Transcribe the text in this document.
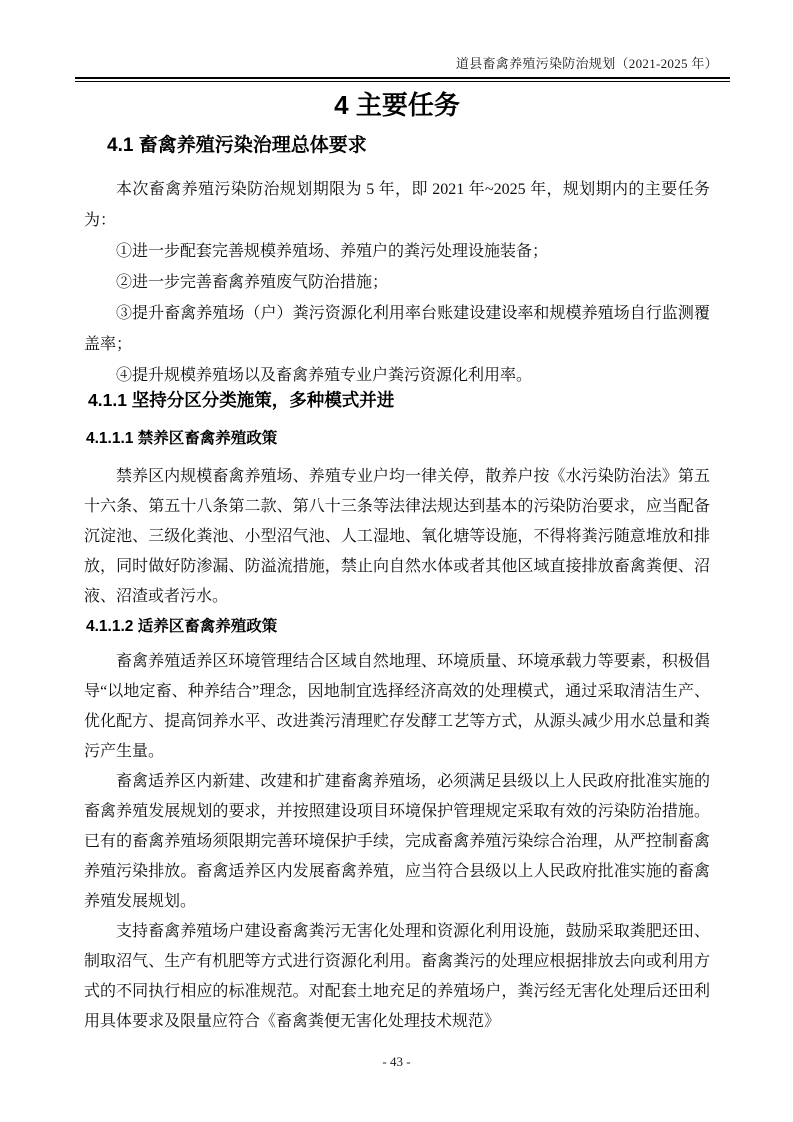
道县畜禽养殖污染防治规划（2021-2025 年）
4 主要任务
4.1 畜禽养殖污染治理总体要求

本次畜禽养殖污染防治规划期限为 5 年，即 2021 年~2025 年，规划期内的主要任务为：

①进一步配套完善规模养殖场、养殖户的粪污处理设施装备；

②进一步完善畜禽养殖废气防治措施；

③提升畜禽养殖场（户）粪污资源化利用率台账建设建设率和规模养殖场自行监测覆盖率；

④提升规模养殖场以及畜禽养殖专业户粪污资源化利用率。

4.1.1 坚持分区分类施策，多种模式并进
4.1.1.1 禁养区畜禽养殖政策

禁养区内规模畜禽养殖场、养殖专业户均一律关停，散养户按《水污染防治法》第五十六条、第五十八条第二款、第八十三条等法律法规达到基本的污染防治要求，应当配备沉淀池、三级化粪池、小型沼气池、人工湿地、氧化塘等设施，不得将粪污随意堆放和排放，同时做好防渗漏、防溢流措施，禁止向自然水体或者其他区域直接排放畜禽粪便、沼液、沼渣或者污水。

4.1.1.2 适养区畜禽养殖政策

畜禽养殖适养区环境管理结合区域自然地理、环境质量、环境承载力等要素，积极倡导“以地定畜、种养结合”理念，因地制宜选择经济高效的处理模式，通过采取清洁生产、优化配方、提高饲养水平、改进粪污清理贮存发酵工艺等方式，从源头减少用水总量和粪污产生量。

畜禽适养区内新建、改建和扩建畜禽养殖场，必须满足县级以上人民政府批准实施的畜禽养殖发展规划的要求，并按照建设项目环境保护管理规定采取有效的污染防治措施。已有的畜禽养殖场须限期完善环境保护手续，完成畜禽养殖污染综合治理，从严控制畜禽养殖污染排放。畜禽适养区内发展畜禽养殖，应当符合县级以上人民政府批准实施的畜禽养殖发展规划。

支持畜禽养殖场户建设畜禽粪污无害化处理和资源化利用设施，鼓励采取粪肥还田、制取沼气、生产有机肥等方式进行资源化利用。畜禽粪污的处理应根据排放去向或利用方式的不同执行相应的标准规范。对配套土地充足的养殖场户，粪污经无害化处理后还田利用具体要求及限量应符合《畜禽粪便无害化处理技术规范》

- 43 -
